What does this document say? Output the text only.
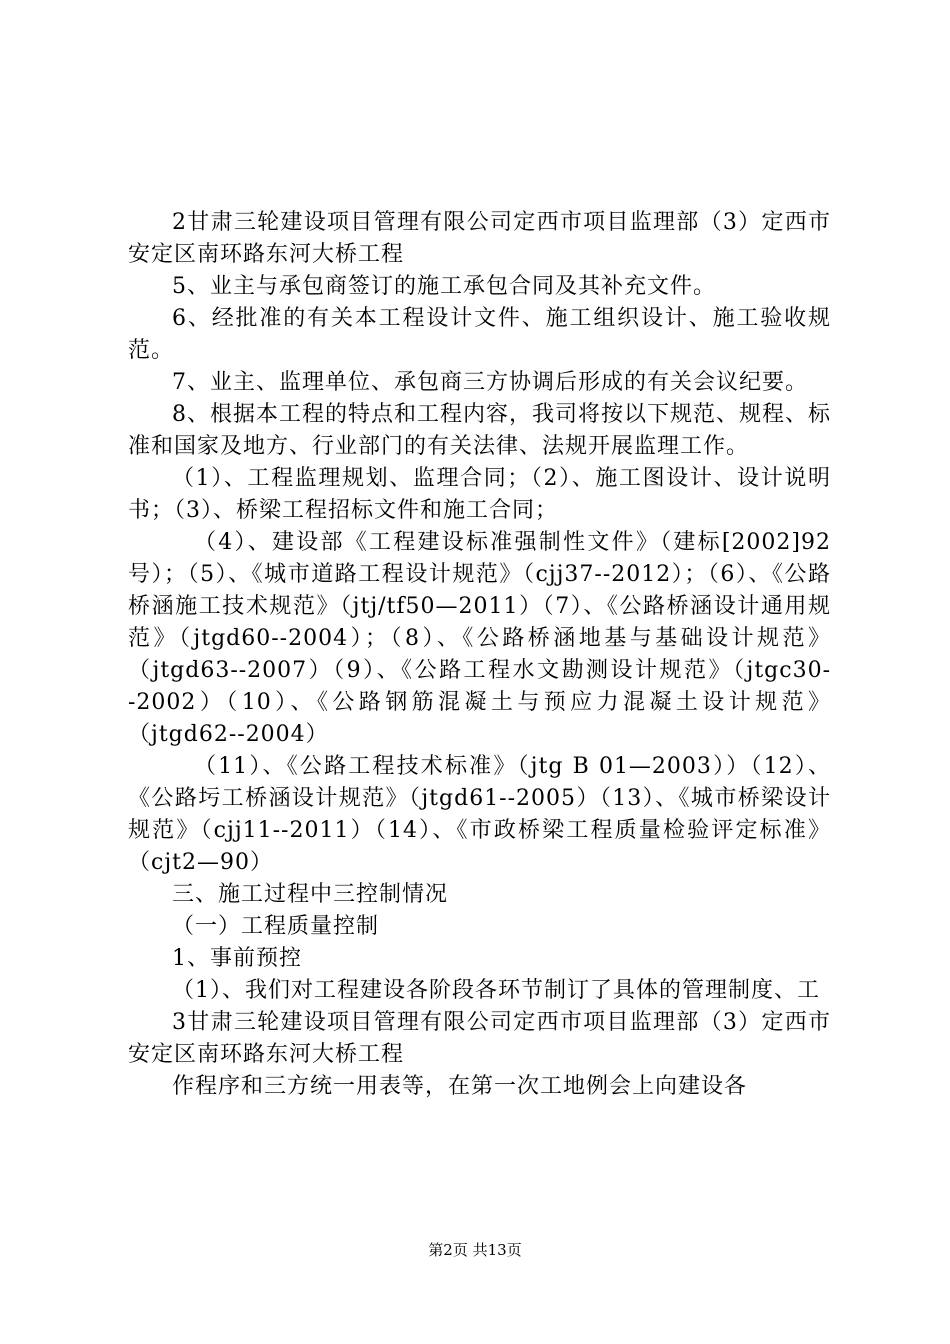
2甘肃三轮建设项目管理有限公司定西市项目监理部（3）定西市安定区南环路东河大桥工程

5、业主与承包商签订的施工承包合同及其补充文件。

6、经批准的有关本工程设计文件、施工组织设计、施工验收规范。

7、业主、监理单位、承包商三方协调后形成的有关会议纪要。

8、根据本工程的特点和工程内容，我司将按以下规范、规程、标准和国家及地方、行业部门的有关法律、法规开展监理工作。

（1）、工程监理规划、监理合同；（2）、施工图设计、设计说明书；（3）、桥梁工程招标文件和施工合同；

（4）、建设部《工程建设标准强制性文件》（建标[2002]92号）；（5）、《城市道路工程设计规范》（cjj37--2012）；（6）、《公路桥涵施工技术规范》（jtj/tf50—2011）（7）、《公路桥涵设计通用规范》（jtgd60--2004）；（8）、《公路桥涵地基与基础设计规范》（jtgd63--2007）（9）、《公路工程水文勘测设计规范》（jtgc30--2002）（10）、《公路钢筋混凝土与预应力混凝土设计规范》（jtgd62--2004）

（11）、《公路工程技术标准》（jtg B 01—2003））（12）、《公路圬工桥涵设计规范》（jtgd61--2005）（13）、《城市桥梁设计规范》（cjj11--2011）（14）、《市政桥梁工程质量检验评定标准》（cjt2—90）

三、施工过程中三控制情况

（一）工程质量控制

1、事前预控

（1）、我们对工程建设各阶段各环节制订了具体的管理制度、工

3甘肃三轮建设项目管理有限公司定西市项目监理部（3）定西市安定区南环路东河大桥工程

作程序和三方统一用表等，在第一次工地例会上向建设各

第2页 共13页
